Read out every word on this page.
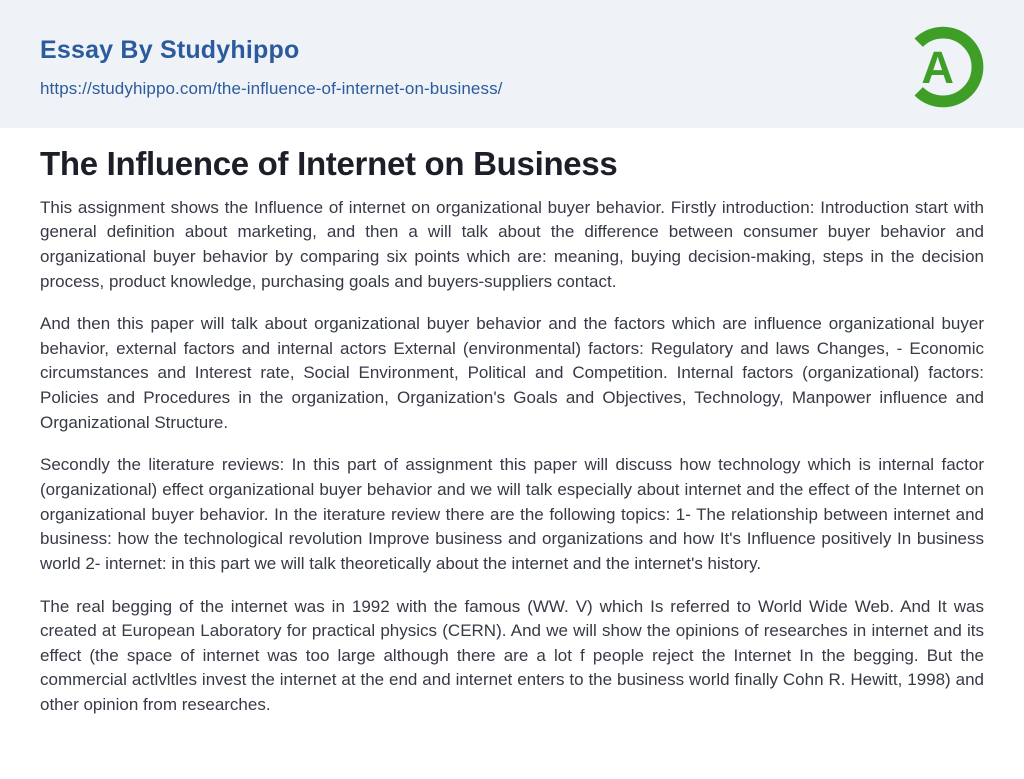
Essay By Studyhippo
https://studyhippo.com/the-influence-of-internet-on-business/	A
The Influence of Internet on Business

This assignment shows the Influence of internet on organizational buyer behavior. Firstly introduction: Introduction start with general definition about marketing, and then a will talk about the difference between consumer buyer behavior and organizational buyer behavior by comparing six points which are: meaning, buying decision-making, steps in the decision process, product knowledge, purchasing goals and buyers-suppliers contact.

And then this paper will talk about organizational buyer behavior and the factors which are influence organizational buyer behavior, external factors and internal actors External (environmental) factors: Regulatory and laws Changes, - Economic circumstances and Interest rate, Social Environment, Political and Competition. Internal factors (organizational) factors: Policies and Procedures in the organization, Organization's Goals and Objectives, Technology, Manpower influence and Organizational Structure.

Secondly the literature reviews: In this part of assignment this paper will discuss how technology which is internal factor (organizational) effect organizational buyer behavior and we will talk especially about internet and the effect of the Internet on organizational buyer behavior. In the iterature review there are the following topics: 1- The relationship between internet and business: how the technological revolution Improve business and organizations and how It's Influence positively In business world 2- internet: in this part we will talk theoretically about the internet and the internet's history.

The real begging of the internet was in 1992 with the famous (WW. V) which Is referred to World Wide Web. And It was created at European Laboratory for practical physics (CERN). And we will show the opinions of researches in internet and its effect (the space of internet was too large although there are a lot f people reject the Internet In the begging. But the commercial actlvltles invest the internet at the end and internet enters to the business world finally Cohn R. Hewitt, 1998) and other opinion from researches.
